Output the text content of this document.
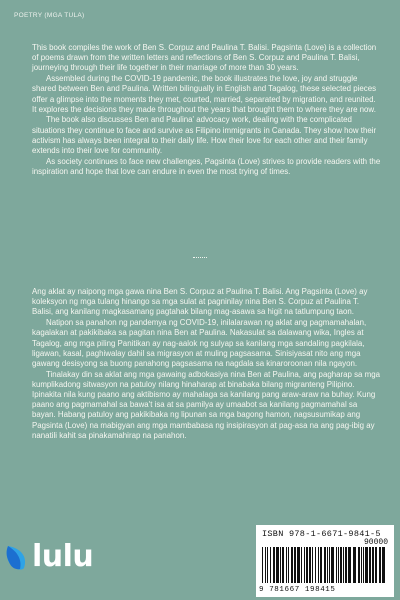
POETRY (MGA TULA)

This book compiles the work of Ben S. Corpuz and Paulina T. Balisi. Pagsinta (Love) is a collection of poems drawn from the written letters and reflections of Ben S. Corpuz and Paulina T. Balisi, journeying through their life together in their marriage of more than 30 years.

Assembled during the COVID-19 pandemic, the book illustrates the love, joy and struggle shared between Ben and Paulina. Written bilingually in English and Tagalog, these selected pieces offer a glimpse into the moments they met, courted, married, separated by migration, and reunited. It explores the decisions they made throughout the years that brought them to where they are now.

The book also discusses Ben and Paulina' advocacy work, dealing with the complicated situations they continue to face and survive as Filipino immigrants in Canada. They show how their activism has always been integral to their daily life. How their love for each other and their family extends into their love for community.

As society continues to face new challenges, Pagsinta (Love) strives to provide readers with the inspiration and hope that love can endure in even the most trying of times.

Ang aklat ay naipong mga gawa nina Ben S. Corpuz at Paulina T. Balisi. Ang Pagsinta (Love) ay koleksyon ng mga tulang hinango sa mga sulat at pagninilay nina Ben S. Corpuz at Paulina T. Balisi, ang kanilang magkasamang pagtahak bilang mag-asawa sa higit na tatlumpung taon.

Natipon sa panahon ng pandemya ng COVID-19, inilalarawan ng aklat ang pagmamahalan, kagalakan at pakikibaka sa pagitan nina Ben at Paulina. Nakasulat sa dalawang wika, Ingles at Tagalog, ang mga piling Panitikan ay nag-aalok ng sulyap sa kanilang mga sandaling pagkilala, ligawan, kasal, paghiwalay dahil sa migrasyon at muling pagsasama. Sinisiyasat nito ang mga gawang desisyong sa buong panahong pagsasama na nagdala sa kinaroroonan nila ngayon.

Tinalakay din sa aklat ang mga gawaing adbokasiya nina Ben at Paulina, ang pagharap sa mga kumplikadong sitwasyon na patuloy nilang hinaharap at binabaka bilang migranteng Pilipino. Ipinakita nila kung paano ang aktibismo ay mahalaga sa kanilang pang araw-araw na buhay. Kung paano ang pagmamahal sa bawa't isa at sa pamilya ay umaabot sa kanilang pagmamahal sa bayan. Habang patuloy ang pakikibaka ng lipunan sa mga bagong hamon, nagsusumikap ang Pagsinta (Love) na mabigyan ang mga mambabasa ng insipirasyon at pag-asa na ang pag-ibig ay nanatili kahit sa pinakamahirap na panahon.

lulu
ISBN 978-1-6671-9841-5
90000
9 781667 198415
